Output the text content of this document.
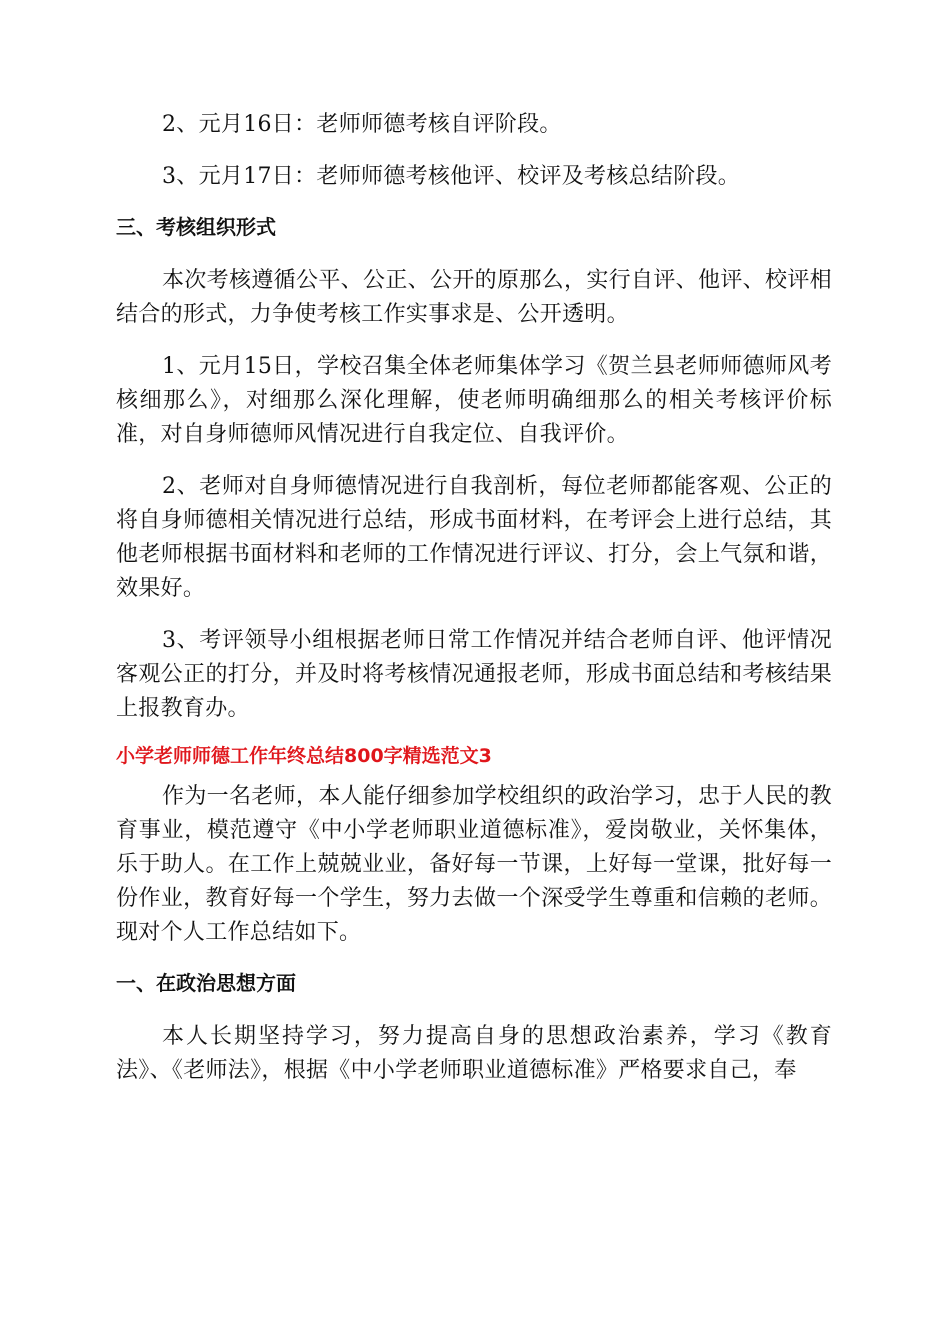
2、元月16日：老师师德考核自评阶段。

3、元月17日：老师师德考核他评、校评及考核总结阶段。

三、考核组织形式

本次考核遵循公平、公正、公开的原那么，实行自评、他评、校评相结合的形式，力争使考核工作实事求是、公开透明。

1、元月15日，学校召集全体老师集体学习《贺兰县老师师德师风考核细那么》，对细那么深化理解，使老师明确细那么的相关考核评价标准，对自身师德师风情况进行自我定位、自我评价。

2、老师对自身师德情况进行自我剖析，每位老师都能客观、公正的将自身师德相关情况进行总结，形成书面材料，在考评会上进行总结，其他老师根据书面材料和老师的工作情况进行评议、打分，会上气氛和谐，效果好。

3、考评领导小组根据老师日常工作情况并结合老师自评、他评情况客观公正的打分，并及时将考核情况通报老师，形成书面总结和考核结果上报教育办。

小学老师师德工作年终总结800字精选范文3

作为一名老师，本人能仔细参加学校组织的政治学习，忠于人民的教育事业，模范遵守《中小学老师职业道德标准》，爱岗敬业，关怀集体，乐于助人。在工作上兢兢业业，备好每一节课，上好每一堂课，批好每一份作业，教育好每一个学生，努力去做一个深受学生尊重和信赖的老师。现对个人工作总结如下。

一、在政治思想方面

本人长期坚持学习，努力提高自身的思想政治素养，学习《教育法》、《老师法》，根据《中小学老师职业道德标准》严格要求自己，奉
